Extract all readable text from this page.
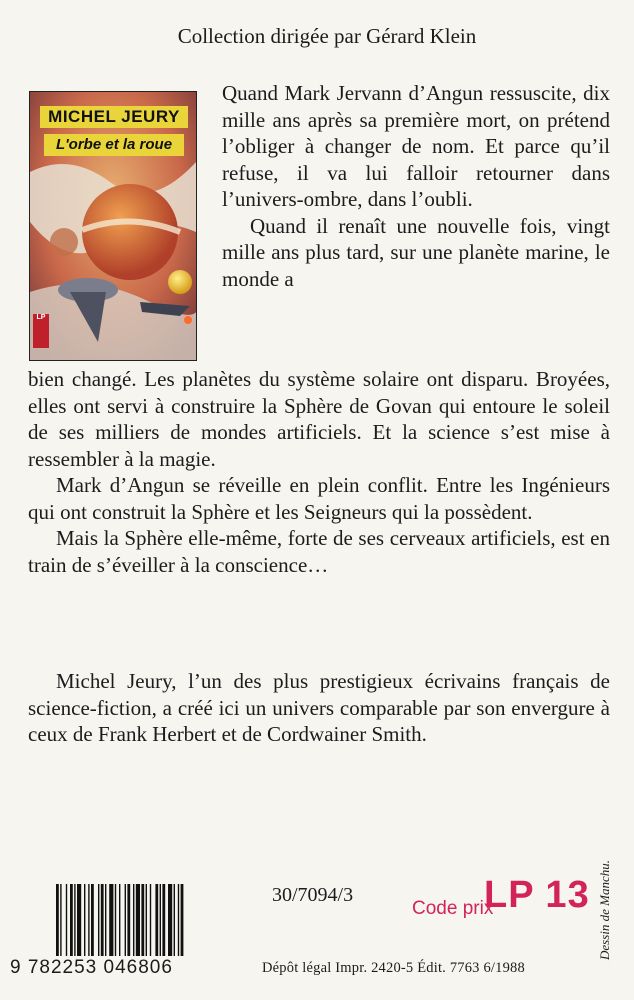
Collection dirigée par Gérard Klein
MICHEL JEURY
L'orbe et la roue
LP

Quand Mark Jervann d’Angun ressuscite, dix mille ans après sa première mort, on prétend l’obliger à changer de nom. Et parce qu’il refuse, il va lui falloir retourner dans l’univers-ombre, dans l’oubli.

Quand il renaît une nouvelle fois, vingt mille ans plus tard, sur une planète marine, le monde a

bien changé. Les planètes du système solaire ont disparu. Broyées, elles ont servi à construire la Sphère de Govan qui entoure le soleil de ses milliers de mondes artificiels. Et la science s’est mise à ressembler à la magie.

Mark d’Angun se réveille en plein conflit. Entre les Ingénieurs qui ont construit la Sphère et les Seigneurs qui la possèdent.

Mais la Sphère elle-même, forte de ses cerveaux artificiels, est en train de s’éveiller à la conscience…

Michel Jeury, l’un des plus prestigieux écrivains français de science-fiction, a créé ici un univers comparable par son envergure à ceux de Frank Herbert et de Cordwainer Smith.

Dessin de Manchu.
9 782253 046806
30/7094/3
Code prix
LP 13
Dépôt légal Impr. 2420-5 Édit. 7763 6/1988
